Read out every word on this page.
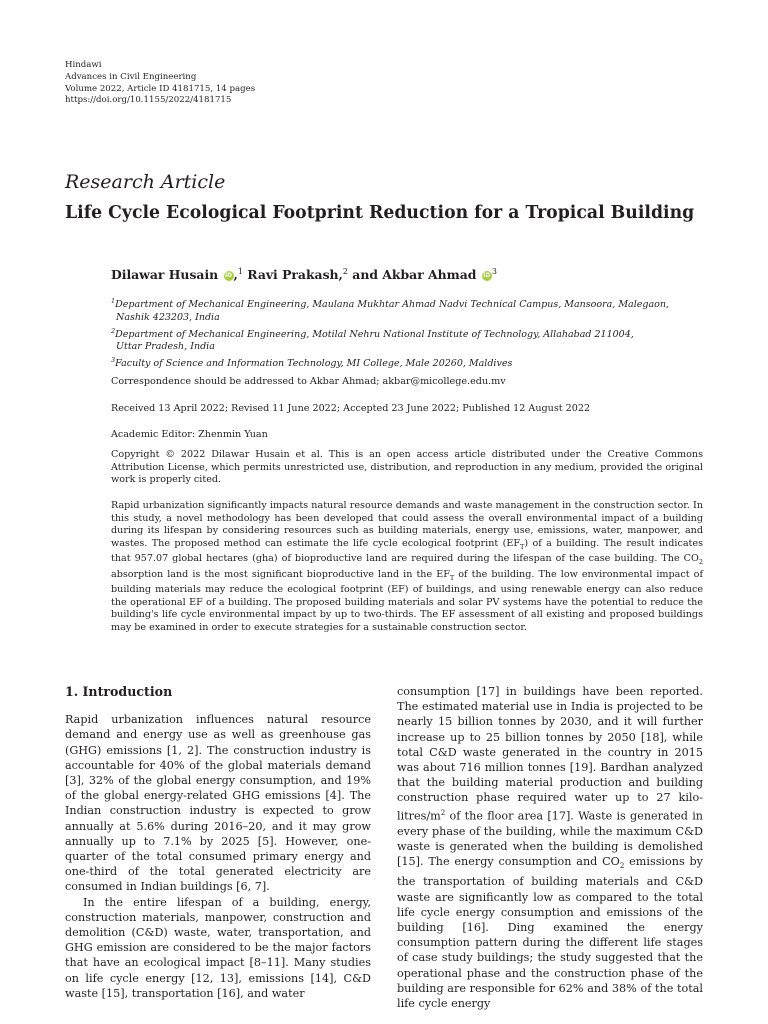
Hindawi
Advances in Civil Engineering
Volume 2022, Article ID 4181715, 14 pages
https://doi.org/10.1155/2022/4181715
Research Article
Life Cycle Ecological Footprint Reduction for a Tropical Building
Dilawar Husain iD,$^1$ Ravi Prakash,$^2$ and Akbar Ahmad $iD^3$
$^1$Department of Mechanical Engineering, Maulana Mukhtar Ahmad Nadvi Technical Campus, Mansoora, Malegaon,
Nashik 423203, India
$^2$Department of Mechanical Engineering, Motilal Nehru National Institute of Technology, Allahabad 211004,
Uttar Pradesh, India
$^3$Faculty of Science and Information Technology, MI College, Male 20260, Maldives
Correspondence should be addressed to Akbar Ahmad; akbar@micollege.edu.mv
Received 13 April 2022; Revised 11 June 2022; Accepted 23 June 2022; Published 12 August 2022
Academic Editor: Zhenmin Yuan
Copyright © 2022 Dilawar Husain et al. This is an open access article distributed under the Creative Commons Attribution License, which permits unrestricted use, distribution, and reproduction in any medium, provided the original work is properly cited.
Rapid urbanization significantly impacts natural resource demands and waste management in the construction sector. In this study, a novel methodology has been developed that could assess the overall environmental impact of a building during its lifespan by considering resources such as building materials, energy use, emissions, water, manpower, and wastes. The proposed method can estimate the life cycle ecological footprint $(EF_T)$ of a building. The result indicates that 957.07 global hectares (gha) of bioproductive land are required during the lifespan of the case building. The $CO_2$ absorption land is the most significant bioproductive land in the $EF_T$ of the building. The low environmental impact of building materials may reduce the ecological footprint (EF) of buildings, and using renewable energy can also reduce the operational EF of a building. The proposed building materials and solar PV systems have the potential to reduce the building's life cycle environmental impact by up to two-thirds. The EF assessment of all existing and proposed buildings may be examined in order to execute strategies for a sustainable construction sector.
1. Introduction

Rapid urbanization influences natural resource demand and energy use as well as greenhouse gas (GHG) emissions [1, 2]. The construction industry is accountable for 40% of the global materials demand [3], 32% of the global energy consumption, and 19% of the global energy-related GHG emissions [4]. The Indian construction industry is expected to grow annually at 5.6% during 2016–20, and it may grow annually up to 7.1% by 2025 [5]. However, one-quarter of the total consumed primary energy and one-third of the total generated electricity are consumed in Indian buildings [6, 7].

In the entire lifespan of a building, energy, construction materials, manpower, construction and demolition (C&D) waste, water, transportation, and GHG emission are considered to be the major factors that have an ecological impact [8–11]. Many studies on life cycle energy [12, 13], emissions [14], C&D waste [15], transportation [16], and water

consumption [17] in buildings have been reported. The estimated material use in India is projected to be nearly 15 billion tonnes by 2030, and it will further increase up to 25 billion tonnes by 2050 [18], while total C&D waste generated in the country in 2015 was about 716 million tonnes [19]. Bardhan analyzed that the building material production and building construction phase required water up to 27 kilo-$litres/m^2$ of the floor area [17]. Waste is generated in every phase of the building, while the maximum C&D waste is generated when the building is demolished [15]. The energy consumption and $CO_2$ emissions by the transportation of building materials and C&D waste are significantly low as compared to the total life cycle energy consumption and emissions of the building [16]. Ding examined the energy consumption pattern during the different life stages of case study buildings; the study suggested that the operational phase and the construction phase of the building are responsible for 62% and 38% of the total life cycle energy
